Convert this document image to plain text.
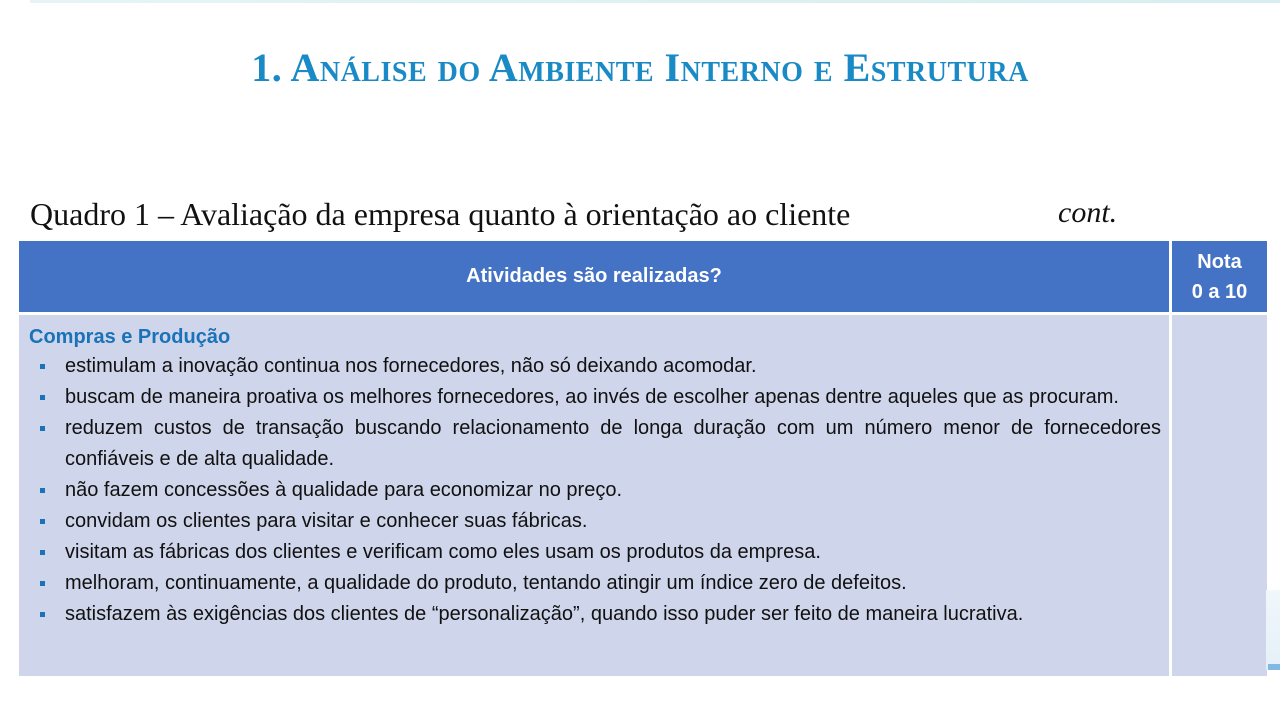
1. Análise do Ambiente Interno e Estrutura
Quadro 1 – Avaliação da empresa quanto à orientação ao cliente	cont.
Atividades são realizadas?
Nota
0 a 10

Compras e Produção

estimulam a inovação continua nos fornecedores, não só deixando acomodar.
buscam de maneira proativa os melhores fornecedores, ao invés de escolher apenas dentre aqueles que as procuram.
reduzem custos de transação buscando relacionamento de longa duração com um número menor de fornecedores confiáveis e de alta qualidade.
não fazem concessões à qualidade para economizar no preço.
convidam os clientes para visitar e conhecer suas fábricas.
visitam as fábricas dos clientes e verificam como eles usam os produtos da empresa.
melhoram, continuamente, a qualidade do produto, tentando atingir um índice zero de defeitos.
satisfazem às exigências dos clientes de “personalização”, quando isso puder ser feito de maneira lucrativa.
